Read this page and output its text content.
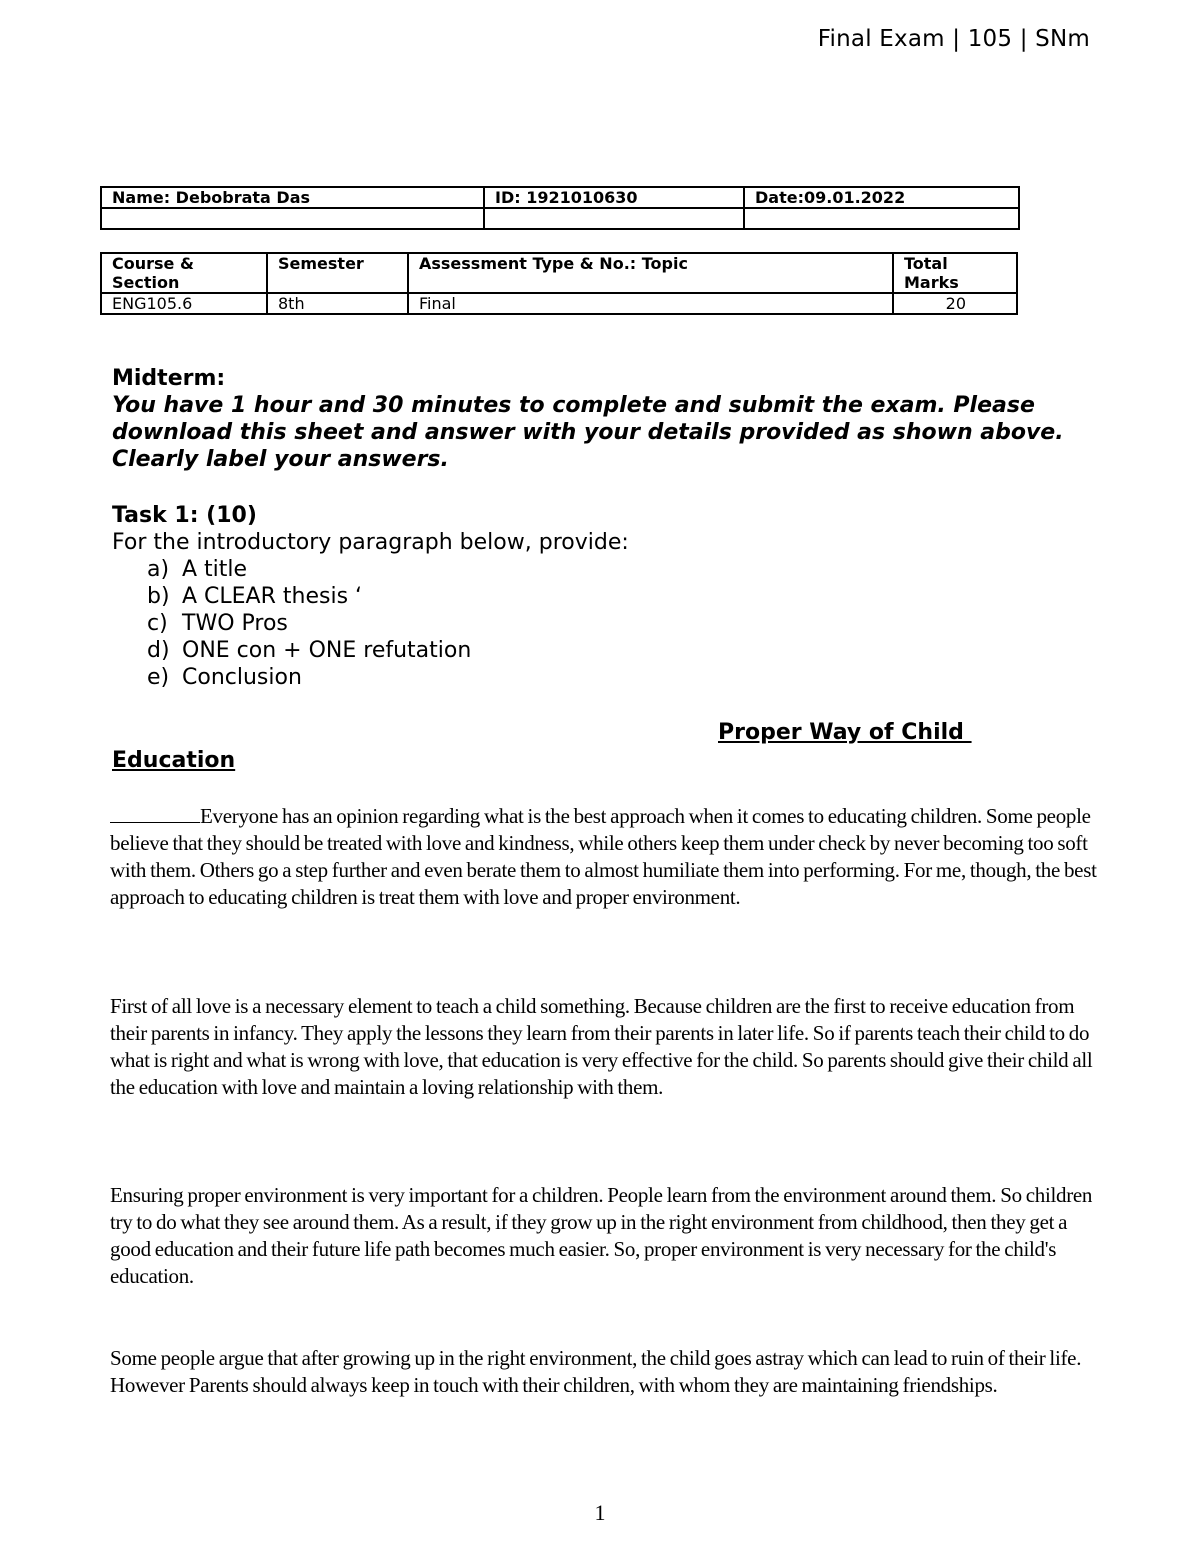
Final Exam | 105 | SNm
Name: Debobrata Das	ID: 1921010630	Date:09.01.2022

Course & Section	Semester	Assessment Type & No.: Topic	Total Marks
ENG105.6	8th	Final	20
Midterm:
You have 1 hour and 30 minutes to complete and submit the exam. Please download this sheet and answer with your details provided as shown above. Clearly label your answers.
Task 1: (10)
For the introductory paragraph below, provide:
a) A title
b) A CLEAR thesis ‘
c) TWO Pros
d) ONE con + ONE refutation
e) Conclusion
Proper Way of Child
Education
Everyone has an opinion regarding what is the best approach when it comes to educating children. Some people believe that they should be treated with love and kindness, while others keep them under check by never becoming too soft with them. Others go a step further and even berate them to almost humiliate them into performing. For me, though, the best approach to educating children is treat them with love and proper environment.
First of all love is a necessary element to teach a child something. Because children are the first to receive education from their parents in infancy. They apply the lessons they learn from their parents in later life. So if parents teach their child to do what is right and what is wrong with love, that education is very effective for the child. So parents should give their child all the education with love and maintain a loving relationship with them.
Ensuring proper environment is very important for a children. People learn from the environment around them. So children try to do what they see around them. As a result, if they grow up in the right environment from childhood, then they get a good education and their future life path becomes much easier. So, proper environment is very necessary for the child's education.
Some people argue that after growing up in the right environment, the child goes astray which can lead to ruin of their life. However Parents should always keep in touch with their children, with whom they are maintaining friendships.
1
